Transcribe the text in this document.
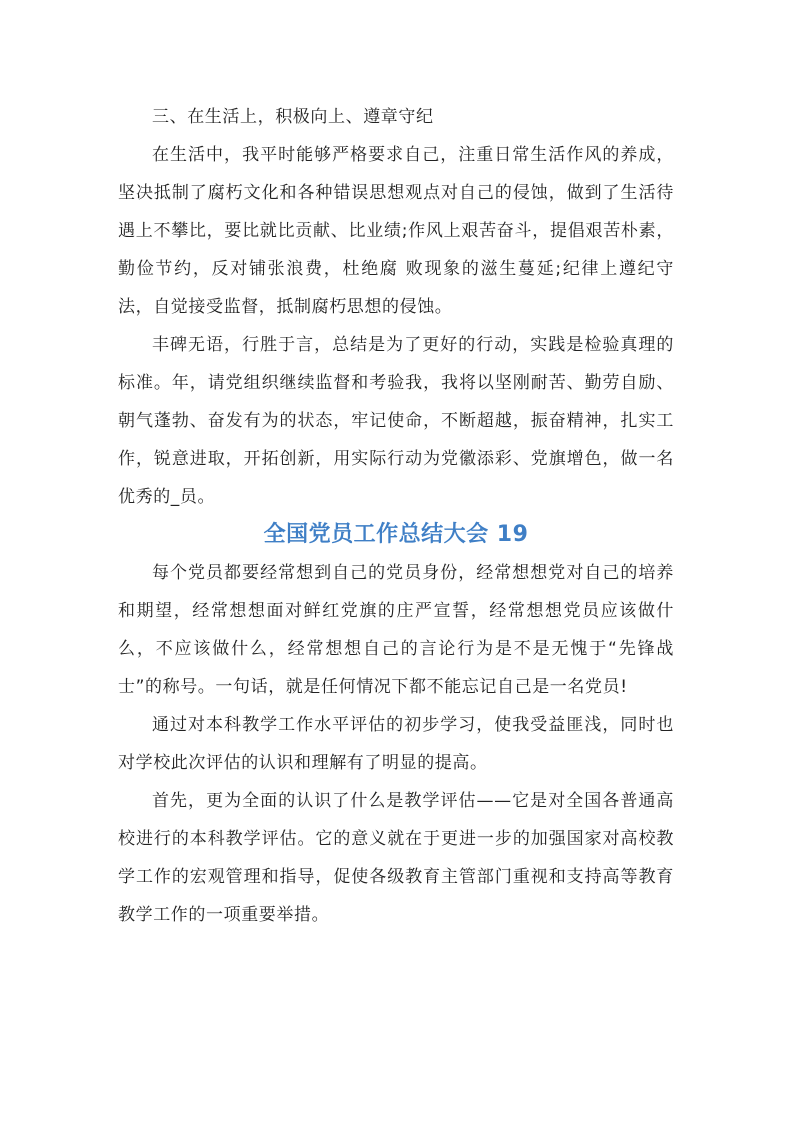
三、在生活上，积极向上、遵章守纪

在生活中，我平时能够严格要求自己，注重日常生活作风的养成，坚决抵制了腐朽文化和各种错误思想观点对自己的侵蚀，做到了生活待遇上不攀比，要比就比贡献、比业绩;作风上艰苦奋斗，提倡艰苦朴素，勤俭节约，反对铺张浪费，杜绝腐 败现象的滋生蔓延;纪律上遵纪守法，自觉接受监督，抵制腐朽思想的侵蚀。

丰碑无语，行胜于言，总结是为了更好的行动，实践是检验真理的标准。年，请党组织继续监督和考验我，我将以坚刚耐苦、勤劳自励、朝气蓬勃、奋发有为的状态，牢记使命，不断超越，振奋精神，扎实工作，锐意进取，开拓创新，用实际行动为党徽添彩、党旗增色，做一名优秀的_员。

全国党员工作总结大会 19

每个党员都要经常想到自己的党员身份，经常想想党对自己的培养和期望，经常想想面对鲜红党旗的庄严宣誓，经常想想党员应该做什么，不应该做什么，经常想想自己的言论行为是不是无愧于“先锋战士”的称号。一句话，就是任何情况下都不能忘记自己是一名党员!

通过对本科教学工作水平评估的初步学习，使我受益匪浅，同时也对学校此次评估的认识和理解有了明显的提高。

首先，更为全面的认识了什么是教学评估——它是对全国各普通高校进行的本科教学评估。它的意义就在于更进一步的加强国家对高校教学工作的宏观管理和指导，促使各级教育主管部门重视和支持高等教育教学工作的一项重要举措。
